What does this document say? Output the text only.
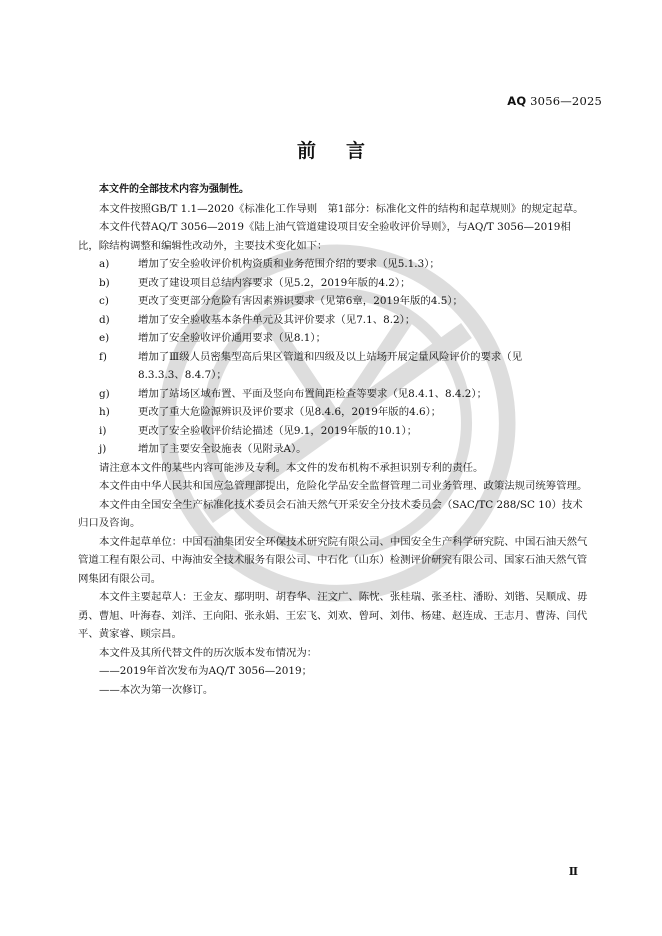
AQ 3056—2025
前言

本文件的全部技术内容为强制性。

本文件按照GB/T 1.1—2020《标准化工作导则　第1部分：标准化文件的结构和起草规则》的规定起草。

本文件代替AQ/T 3056—2019《陆上油气管道建设项目安全验收评价导则》，与AQ/T 3056—2019相比，除结构调整和编辑性改动外，主要技术变化如下：

a)	增加了安全验收评价机构资质和业务范围介绍的要求（见5.1.3）；
b)	更改了建设项目总结内容要求（见5.2，2019年版的4.2）；
c)	更改了变更部分危险有害因素辨识要求（见第6章，2019年版的4.5）；
d)	增加了安全验收基本条件单元及其评价要求（见7.1、8.2）；
e)	增加了安全验收评价通用要求（见8.1）；
f)	增加了Ⅲ级人员密集型高后果区管道和四级及以上站场开展定量风险评价的要求（见
8.3.3.3、8.4.7）；
g)	增加了站场区域布置、平面及竖向布置间距检查等要求（见8.4.1、8.4.2）；
h)	更改了重大危险源辨识及评价要求（见8.4.6，2019年版的4.6）；
i)	更改了安全验收评价结论描述（见9.1，2019年版的10.1）；
j)	增加了主要安全设施表（见附录A）。

请注意本文件的某些内容可能涉及专利。本文件的发布机构不承担识别专利的责任。

本文件由中华人民共和国应急管理部提出，危险化学品安全监督管理二司业务管理、政策法规司统筹管理。

本文件由全国安全生产标准化技术委员会石油天然气开采安全分技术委员会（SAC/TC 288/SC 10）技术归口及咨询。

本文件起草单位：中国石油集团安全环保技术研究院有限公司、中国安全生产科学研究院、中国石油天然气管道工程有限公司、中海油安全技术服务有限公司、中石化（山东）检测评价研究有限公司、国家石油天然气管网集团有限公司。

本文件主要起草人：王金友、鄢明明、胡春华、汪文广、陈忱、张桂瑞、张圣柱、潘盼、刘锴、吴顺成、毋勇、曹旭、叶海春、刘洋、王向阳、张永娟、王宏飞、刘欢、曾珂、刘伟、杨建、赵连成、王志月、曹涛、闫代平、黄家睿、顾宗昌。

本文件及其所代替文件的历次版本发布情况为：

——2019年首次发布为AQ/T 3056—2019；

——本次为第一次修订。

Ⅱ
